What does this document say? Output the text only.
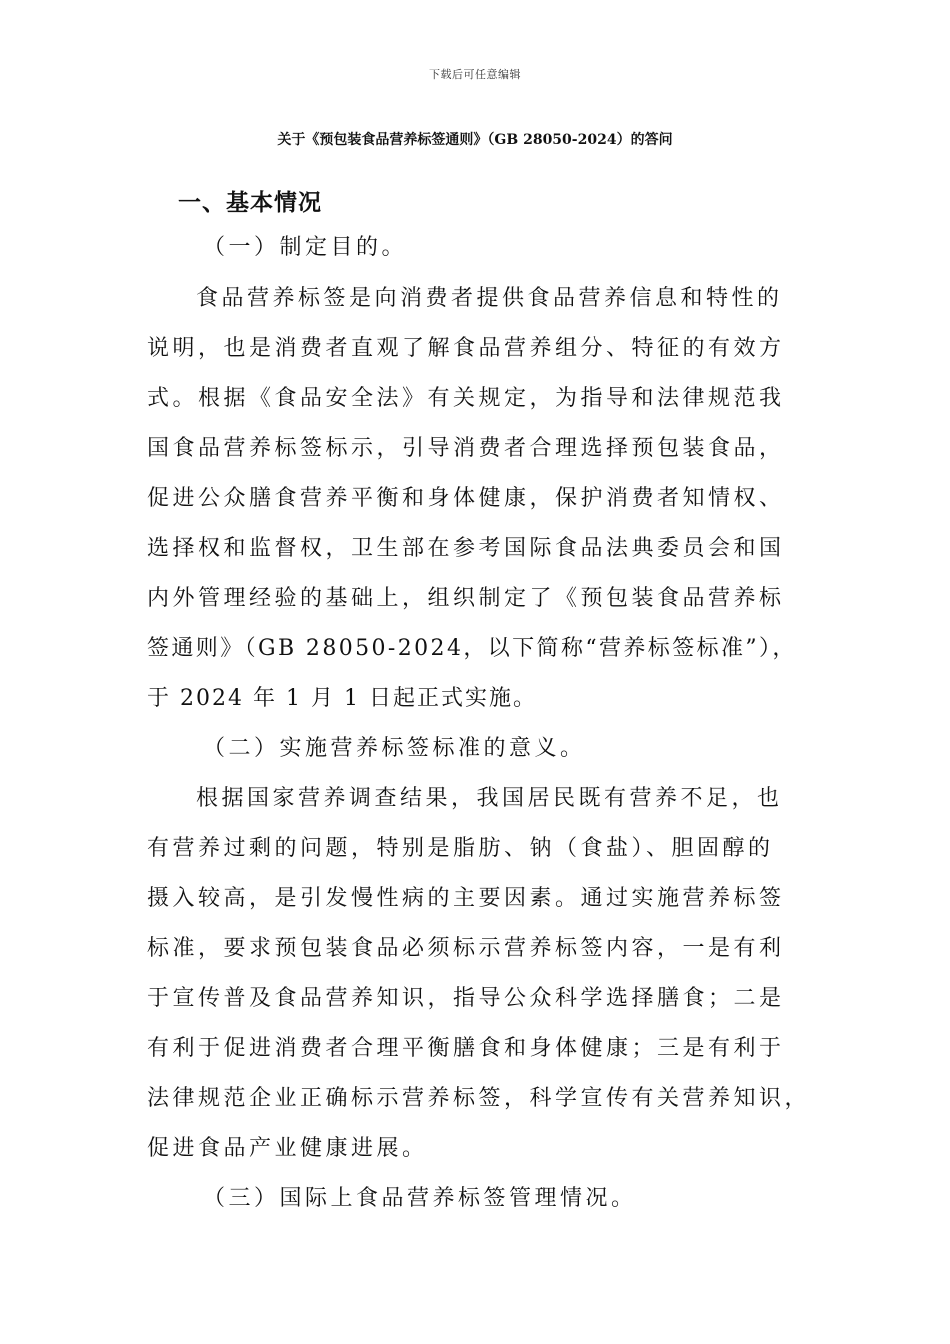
下载后可任意编辑
关于《预包装食品营养标签通则》（GB 28050-2024）的答问
一、基本情况
（一）制定目的。
食品营养标签是向消费者提供食品营养信息和特性的
说明，也是消费者直观了解食品营养组分、特征的有效方
式。根据《食品安全法》有关规定，为指导和法律规范我
国食品营养标签标示，引导消费者合理选择预包装食品，
促进公众膳食营养平衡和身体健康，保护消费者知情权、
选择权和监督权，卫生部在参考国际食品法典委员会和国
内外管理经验的基础上，组织制定了《预包装食品营养标
签通则》（GB 28050-2024，以下简称“营养标签标准”），
于 2024 年 1 月 1 日起正式实施。
（二）实施营养标签标准的意义。
根据国家营养调查结果，我国居民既有营养不足，也
有营养过剩的问题，特别是脂肪、钠（食盐）、胆固醇的
摄入较高，是引发慢性病的主要因素。通过实施营养标签
标准，要求预包装食品必须标示营养标签内容，一是有利
于宣传普及食品营养知识，指导公众科学选择膳食；二是
有利于促进消费者合理平衡膳食和身体健康；三是有利于
法律规范企业正确标示营养标签，科学宣传有关营养知识，
促进食品产业健康进展。
（三）国际上食品营养标签管理情况。
